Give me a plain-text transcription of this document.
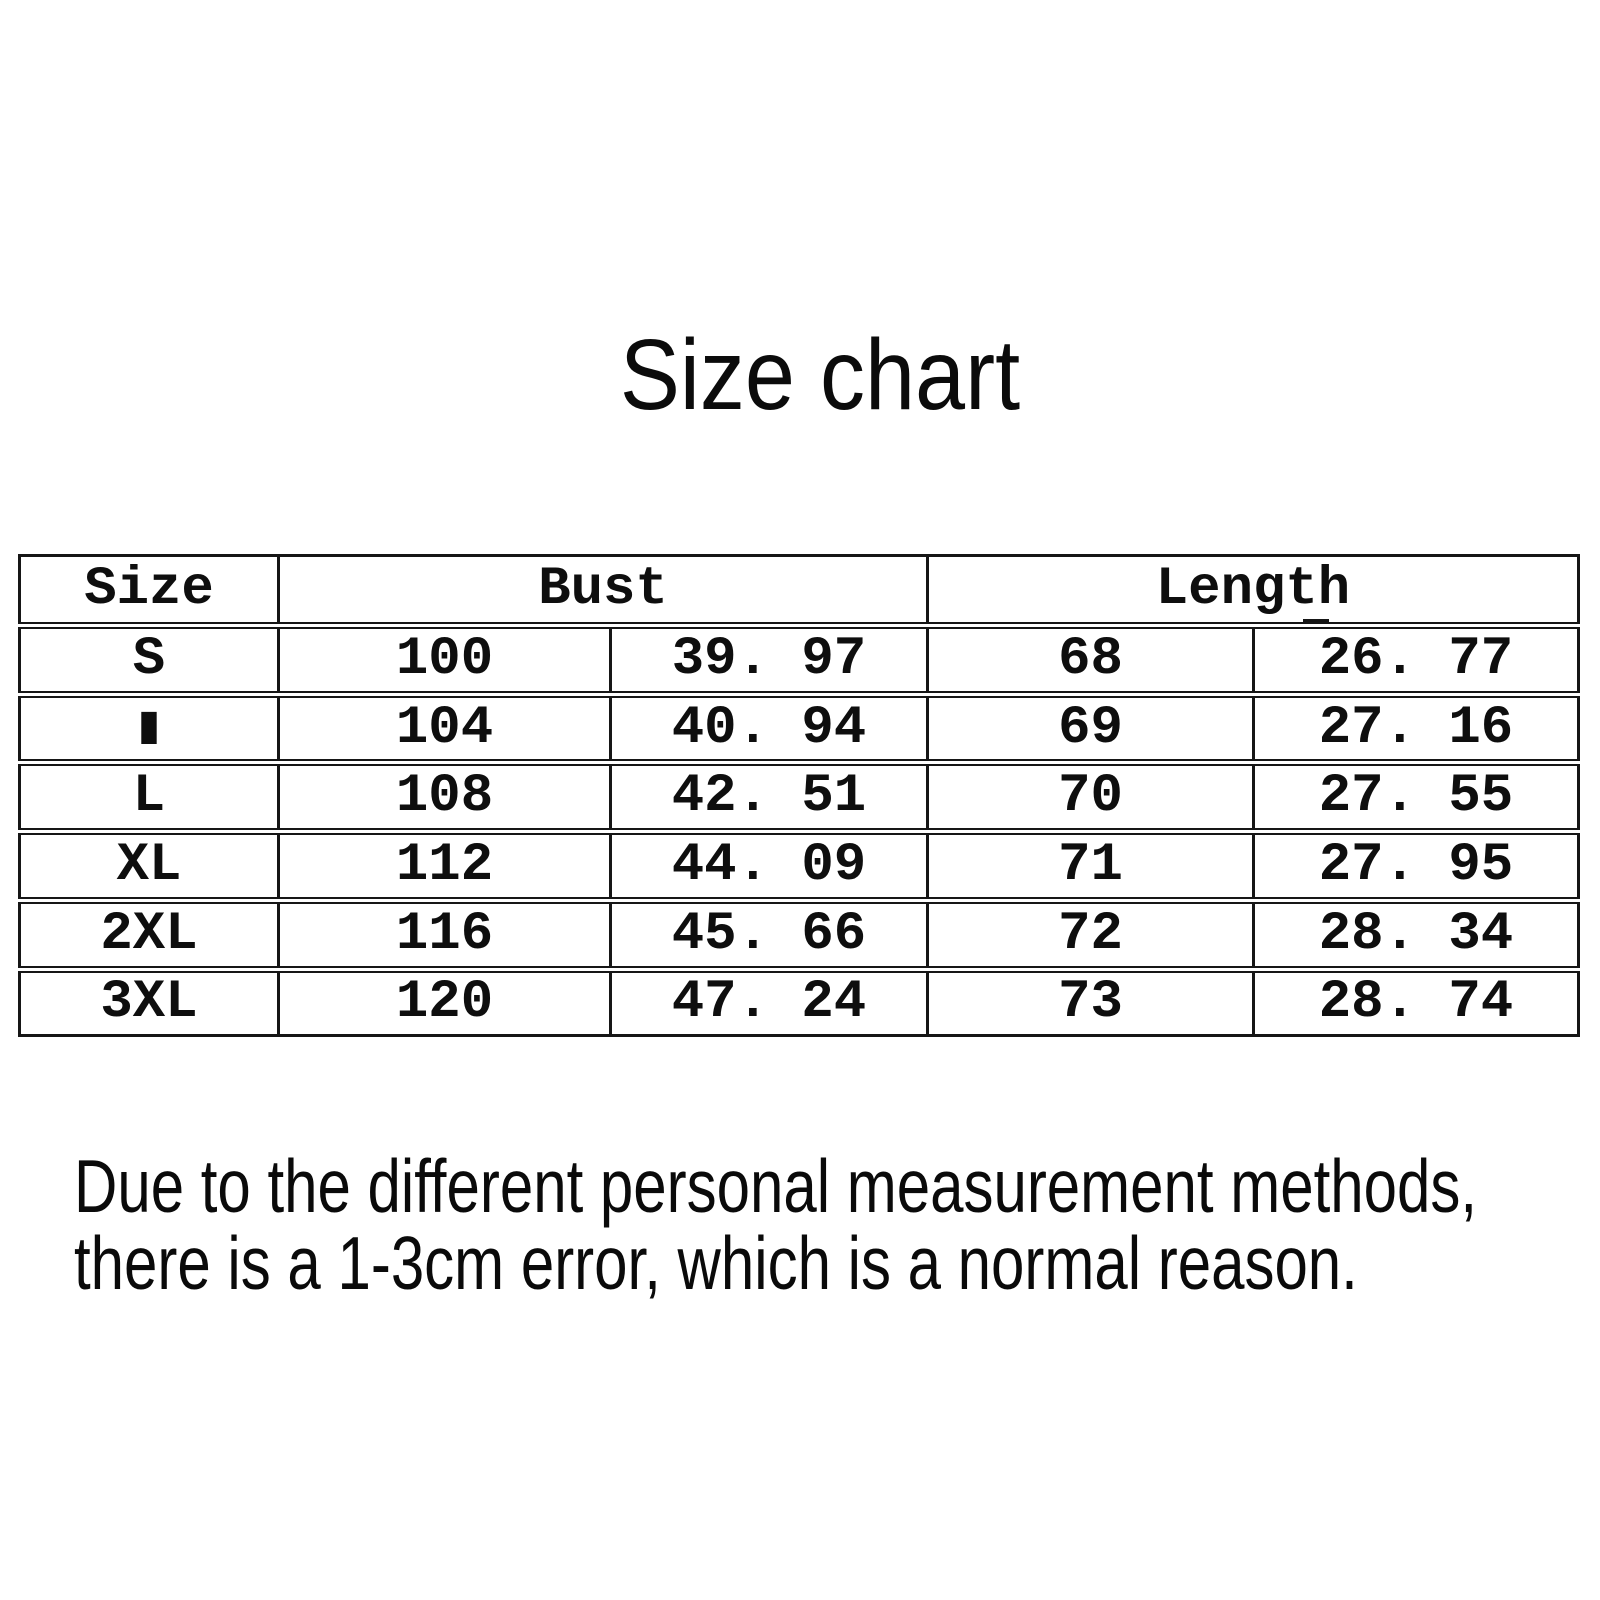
Size chart
Size	Bust		Length	
S	100	39. 97	68	26. 77
▮	104	40. 94	69	27. 16
L	108	42. 51	70	27. 55
XL	112	44. 09	71	27. 95
2XL	116	45. 66	72	28. 34
3XL	120	47. 24	73	28. 74
Due to the different personal measurement methods,
there is a 1-3cm error, which is a normal reason.
